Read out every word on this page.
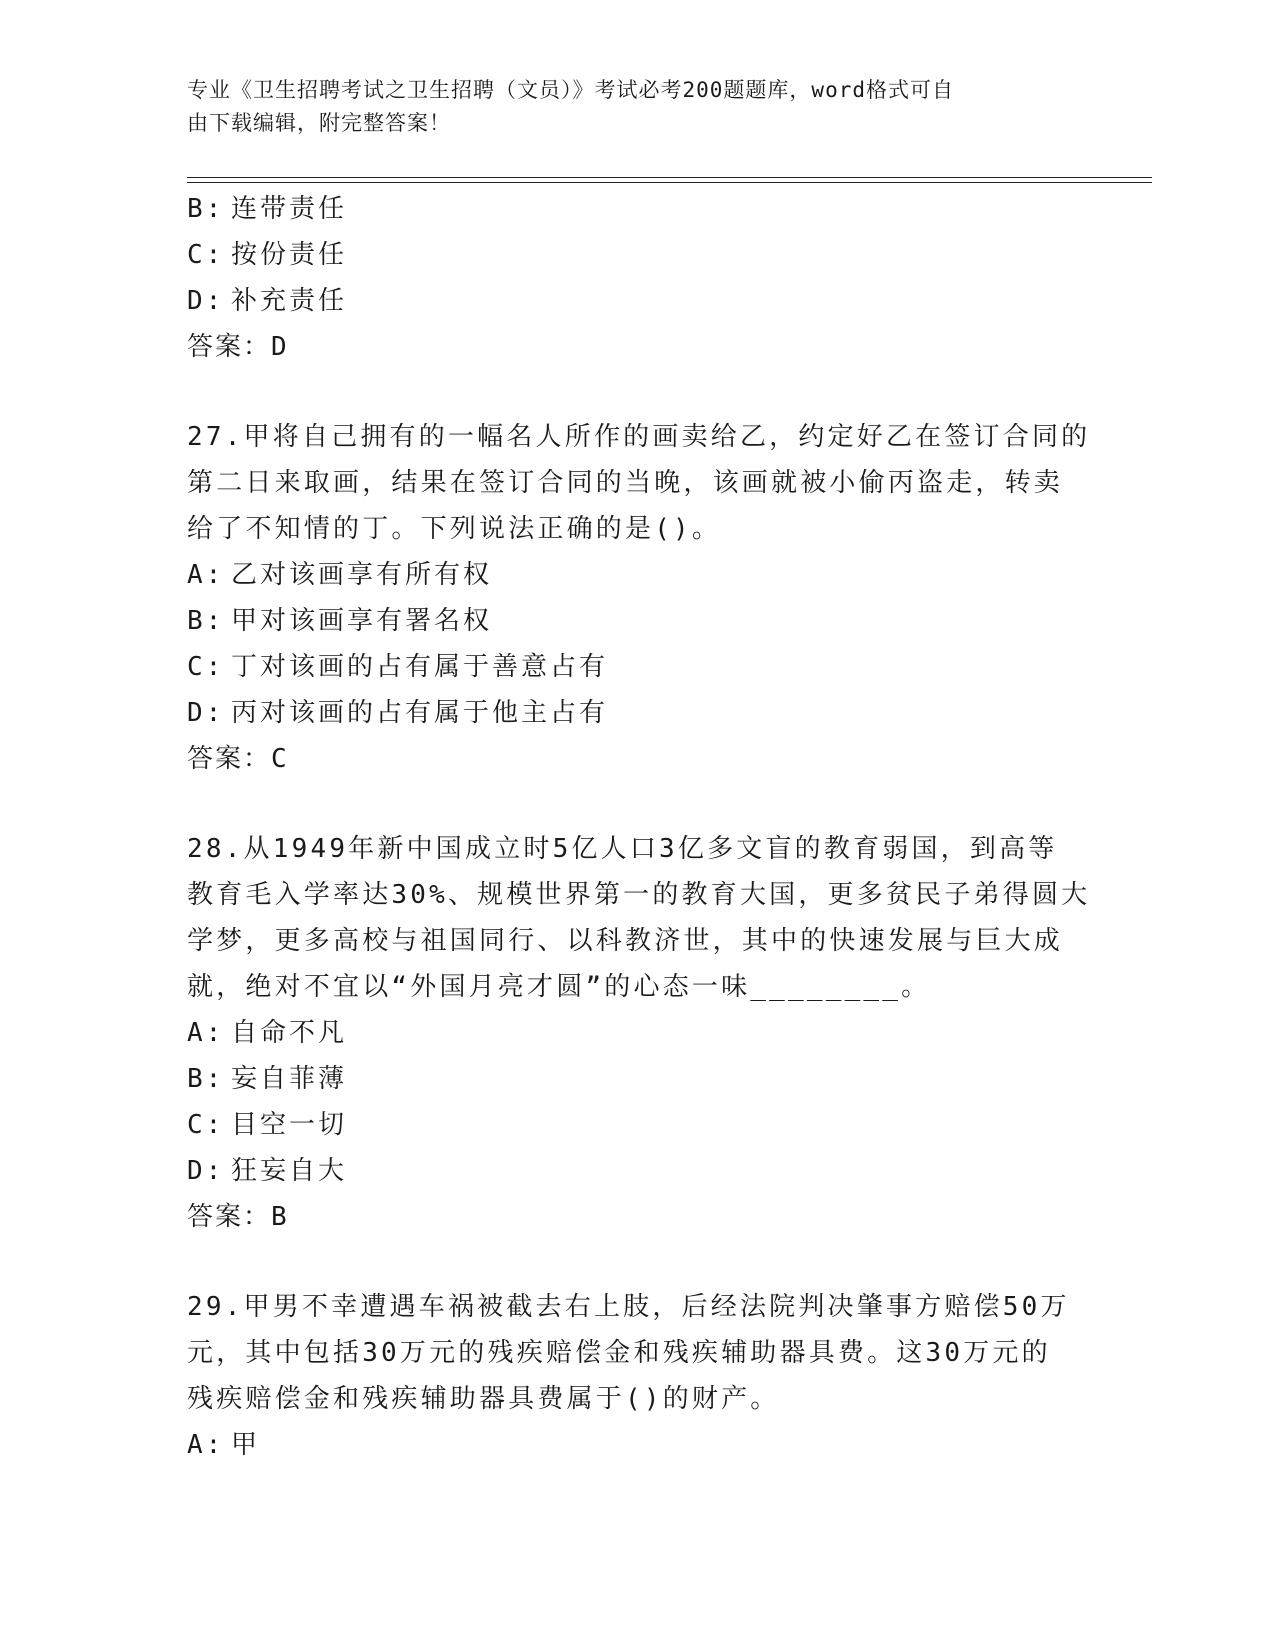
专业《卫生招聘考试之卫生招聘（文员）》考试必考200题题库，word格式可自
由下载编辑，附完整答案！
B: 连带责任
C: 按份责任
D: 补充责任
答案：D
27.甲将自己拥有的一幅名人所作的画卖给乙，约定好乙在签订合同的
第二日来取画，结果在签订合同的当晚，该画就被小偷丙盗走，转卖
给了不知情的丁。下列说法正确的是()。
A: 乙对该画享有所有权
B: 甲对该画享有署名权
C: 丁对该画的占有属于善意占有
D: 丙对该画的占有属于他主占有
答案：C
28.从1949年新中国成立时5亿人口3亿多文盲的教育弱国，到高等
教育毛入学率达30%、规模世界第一的教育大国，更多贫民子弟得圆大
学梦，更多高校与祖国同行、以科教济世，其中的快速发展与巨大成
就，绝对不宜以“外国月亮才圆”的心态一味________。
A: 自命不凡
B: 妄自菲薄
C: 目空一切
D: 狂妄自大
答案：B
29.甲男不幸遭遇车祸被截去右上肢，后经法院判决肇事方赔偿50万
元，其中包括30万元的残疾赔偿金和残疾辅助器具费。这30万元的
残疾赔偿金和残疾辅助器具费属于()的财产。
A: 甲
